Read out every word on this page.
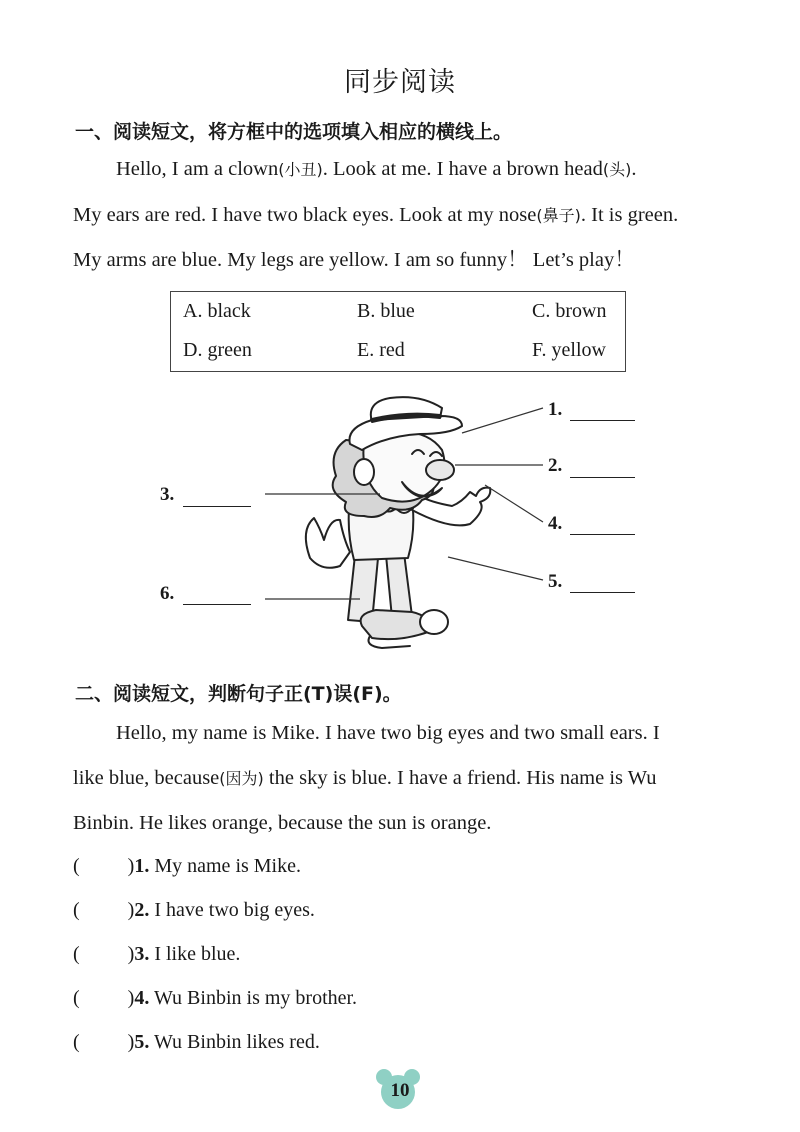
同步阅读
一、阅读短文，将方框中的选项填入相应的横线上。
Hello, I am a clown(小丑). Look at me. I have a brown head(头).
My ears are red. I have two black eyes. Look at my nose(鼻子). It is green.
My arms are blue. My legs are yellow. I am so funny！ Let’s play！
A. black	B. blue	C. brown
D. green	E. red	F. yellow
1.
2.
3.
4.
5.
6.
二、阅读短文，判断句子正(T)误(F)。
Hello, my name is Mike. I have two big eyes and two small ears. I
like blue, because(因为) the sky is blue. I have a friend. His name is Wu
Binbin. He likes orange, because the sun is orange.
( )1. My name is Mike.
( )2. I have two big eyes.
( )3. I like blue.
( )4. Wu Binbin is my brother.
( )5. Wu Binbin likes red.
10
